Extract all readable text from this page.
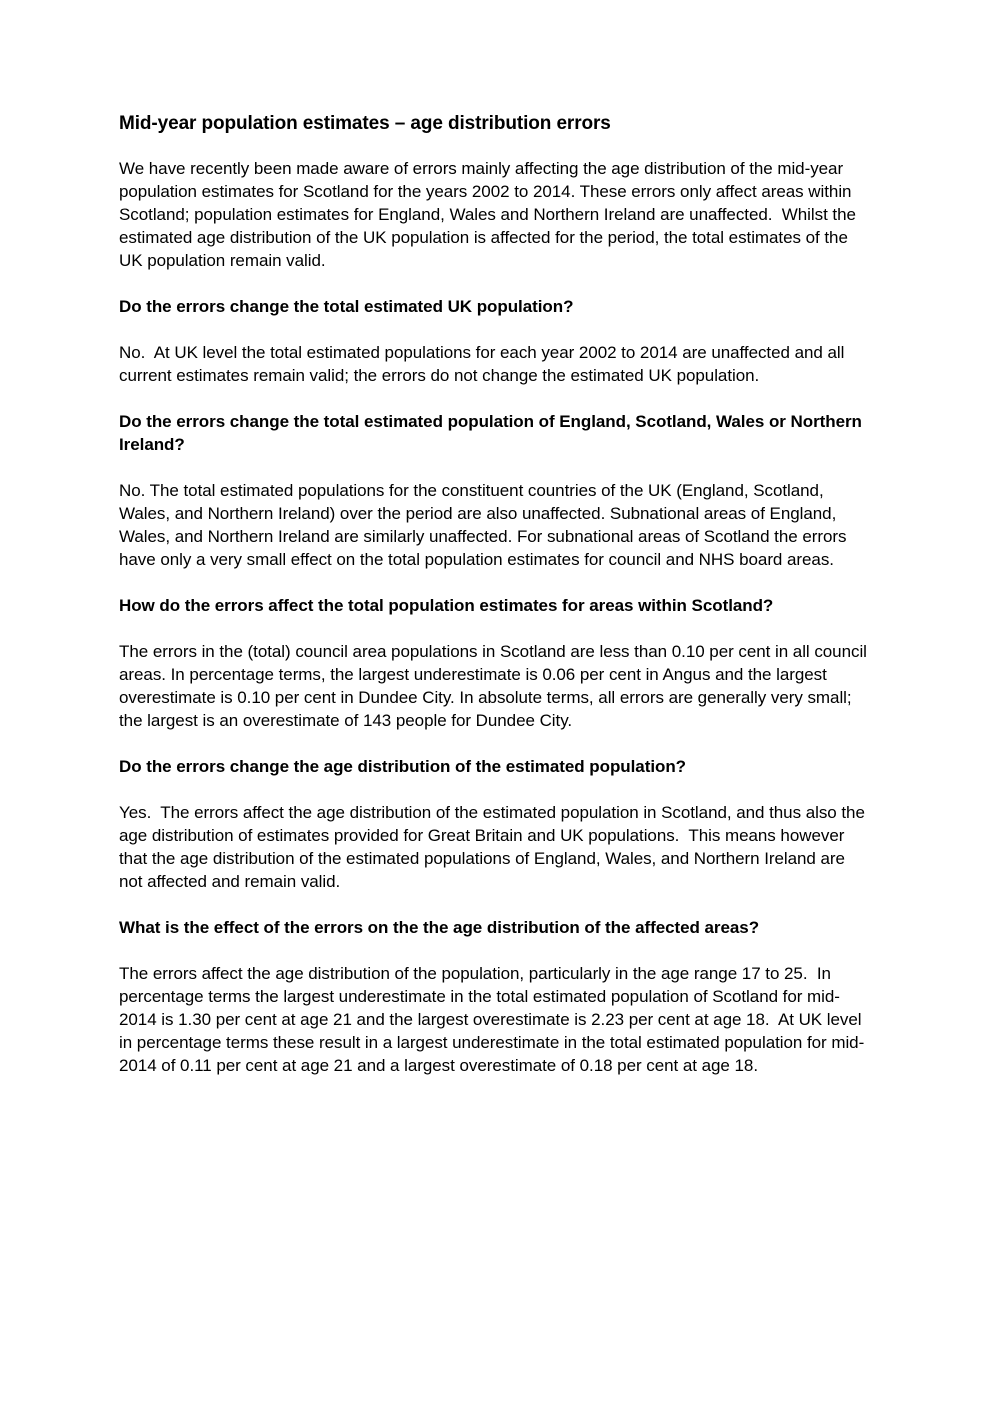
Mid-year population estimates – age distribution errors

We have recently been made aware of errors mainly affecting the age distribution of the mid-year population estimates for Scotland for the years 2002 to 2014. These errors only affect areas within Scotland; population estimates for England, Wales and Northern Ireland are unaffected.  Whilst the estimated age distribution of the UK population is affected for the period, the total estimates of the UK population remain valid.

Do the errors change the total estimated UK population?

No.  At UK level the total estimated populations for each year 2002 to 2014 are unaffected and all current estimates remain valid; the errors do not change the estimated UK population.

Do the errors change the total estimated population of England, Scotland, Wales or Northern Ireland?

No. The total estimated populations for the constituent countries of the UK (England, Scotland, Wales, and Northern Ireland) over the period are also unaffected. Subnational areas of England, Wales, and Northern Ireland are similarly unaffected. For subnational areas of Scotland the errors have only a very small effect on the total population estimates for council and NHS board areas.

How do the errors affect the total population estimates for areas within Scotland?

The errors in the (total) council area populations in Scotland are less than 0.10 per cent in all council areas. In percentage terms, the largest underestimate is 0.06 per cent in Angus and the largest overestimate is 0.10 per cent in Dundee City. In absolute terms, all errors are generally very small; the largest is an overestimate of 143 people for Dundee City.

Do the errors change the age distribution of the estimated population?

Yes.  The errors affect the age distribution of the estimated population in Scotland, and thus also the age distribution of estimates provided for Great Britain and UK populations.  This means however that the age distribution of the estimated populations of England, Wales, and Northern Ireland are not affected and remain valid.

What is the effect of the errors on the the age distribution of the affected areas?

The errors affect the age distribution of the population, particularly in the age range 17 to 25.  In percentage terms the largest underestimate in the total estimated population of Scotland for mid-2014 is 1.30 per cent at age 21 and the largest overestimate is 2.23 per cent at age 18.  At UK level in percentage terms these result in a largest underestimate in the total estimated population for mid-2014 of 0.11 per cent at age 21 and a largest overestimate of 0.18 per cent at age 18.
